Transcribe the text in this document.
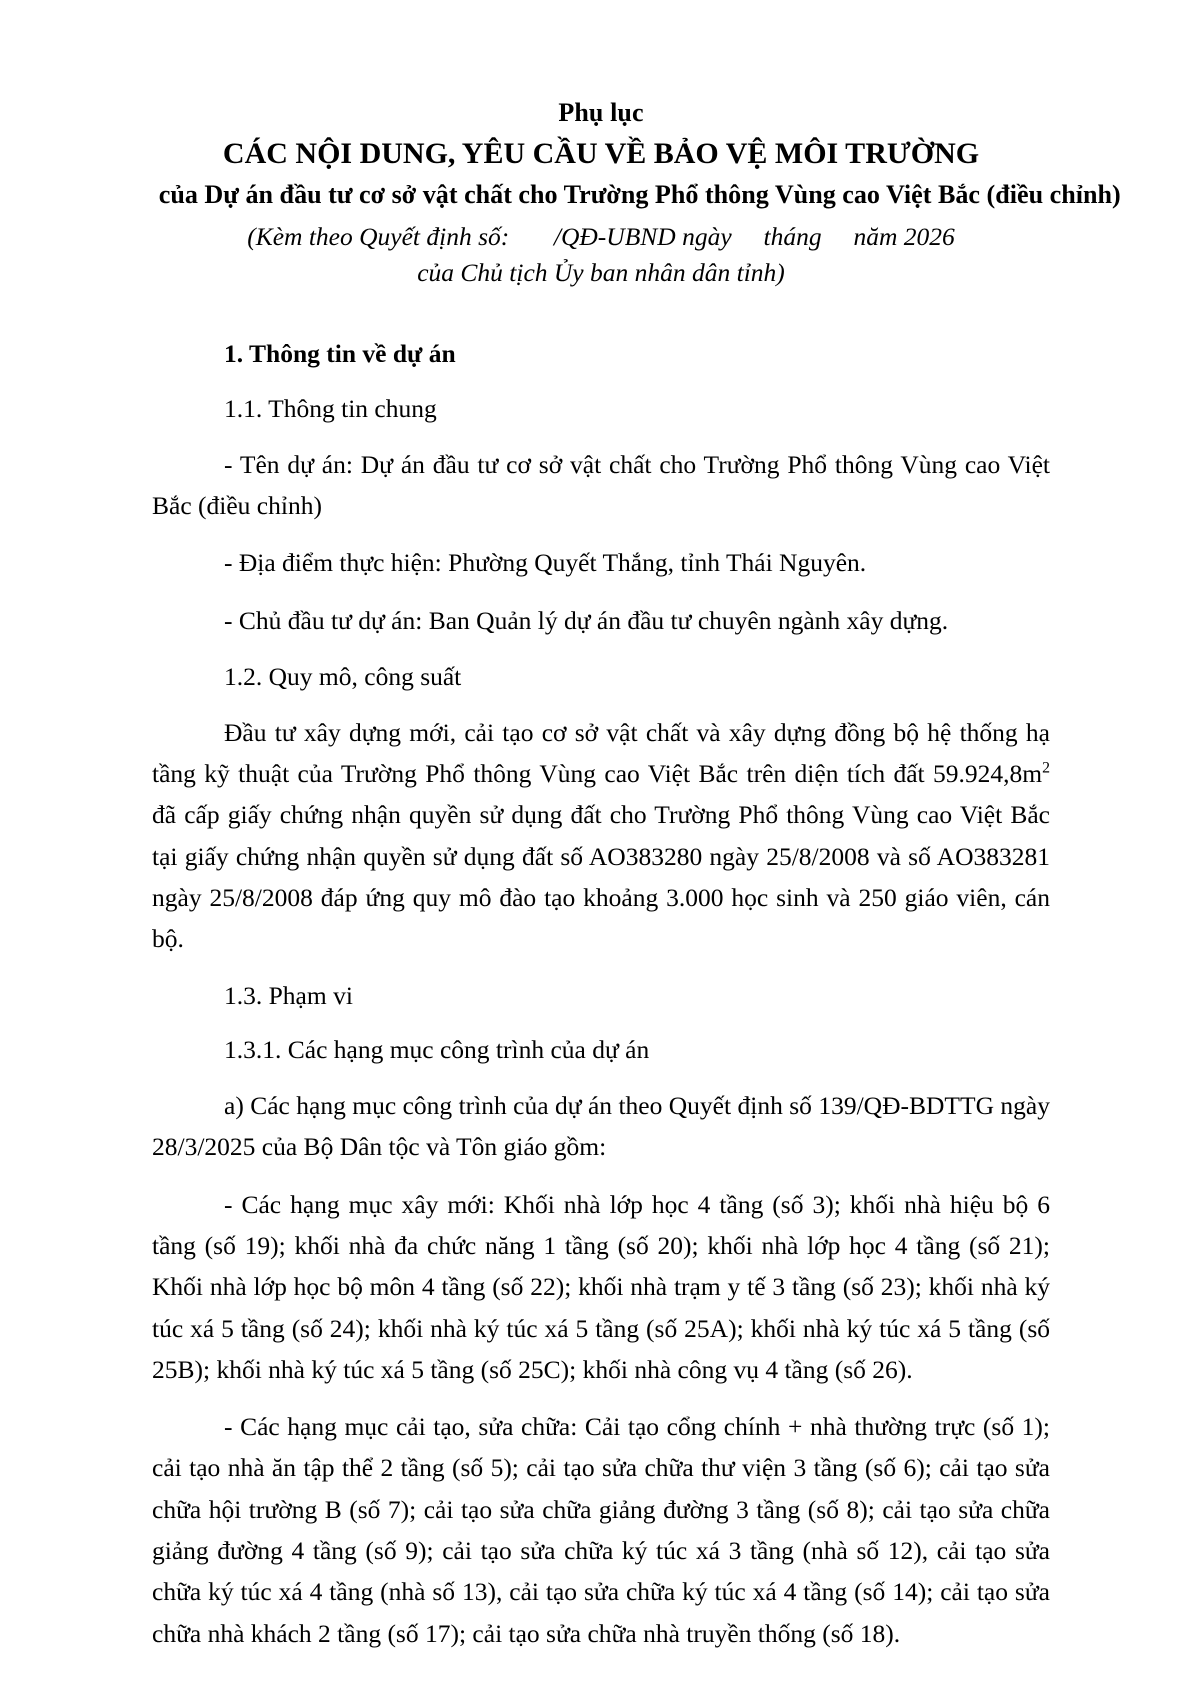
Phụ lục
CÁC NỘI DUNG, YÊU CẦU VỀ BẢO VỆ MÔI TRƯỜNG
của Dự án đầu tư cơ sở vật chất cho Trường Phổ thông Vùng cao Việt Bắc (điều chỉnh)
(Kèm theo Quyết định số:       /QĐ-UBND ngày     tháng     năm 2026
của Chủ tịch Ủy ban nhân dân tỉnh)

1. Thông tin về dự án

1.1. Thông tin chung

- Tên dự án: Dự án đầu tư cơ sở vật chất cho Trường Phổ thông Vùng cao Việt Bắc (điều chỉnh)

- Địa điểm thực hiện: Phường Quyết Thắng, tỉnh Thái Nguyên.

- Chủ đầu tư dự án: Ban Quản lý dự án đầu tư chuyên ngành xây dựng.

1.2. Quy mô, công suất

Đầu tư xây dựng mới, cải tạo cơ sở vật chất và xây dựng đồng bộ hệ thống hạ tầng kỹ thuật của Trường Phổ thông Vùng cao Việt Bắc trên diện tích đất $59.924,8m^2$ đã cấp giấy chứng nhận quyền sử dụng đất cho Trường Phổ thông Vùng cao Việt Bắc tại giấy chứng nhận quyền sử dụng đất số AO383280 ngày 25/8/2008 và số AO383281 ngày 25/8/2008 đáp ứng quy mô đào tạo khoảng 3.000 học sinh và 250 giáo viên, cán bộ.

1.3. Phạm vi

1.3.1. Các hạng mục công trình của dự án

a) Các hạng mục công trình của dự án theo Quyết định số 139/QĐ-BDTTG ngày 28/3/2025 của Bộ Dân tộc và Tôn giáo gồm:

- Các hạng mục xây mới: Khối nhà lớp học 4 tầng (số 3); khối nhà hiệu bộ 6 tầng (số 19); khối nhà đa chức năng 1 tầng (số 20); khối nhà lớp học 4 tầng (số 21); Khối nhà lớp học bộ môn 4 tầng (số 22); khối nhà trạm y tế 3 tầng (số 23); khối nhà ký túc xá 5 tầng (số 24); khối nhà ký túc xá 5 tầng (số 25A); khối nhà ký túc xá 5 tầng (số 25B); khối nhà ký túc xá 5 tầng (số 25C); khối nhà công vụ 4 tầng (số 26).

- Các hạng mục cải tạo, sửa chữa: Cải tạo cổng chính + nhà thường trực (số 1); cải tạo nhà ăn tập thể 2 tầng (số 5); cải tạo sửa chữa thư viện 3 tầng (số 6); cải tạo sửa chữa hội trường B (số 7); cải tạo sửa chữa giảng đường 3 tầng (số 8); cải tạo sửa chữa giảng đường 4 tầng (số 9); cải tạo sửa chữa ký túc xá 3 tầng (nhà số 12), cải tạo sửa chữa ký túc xá 4 tầng (nhà số 13), cải tạo sửa chữa ký túc xá 4 tầng (số 14); cải tạo sửa chữa nhà khách 2 tầng (số 17); cải tạo sửa chữa nhà truyền thống (số 18).
